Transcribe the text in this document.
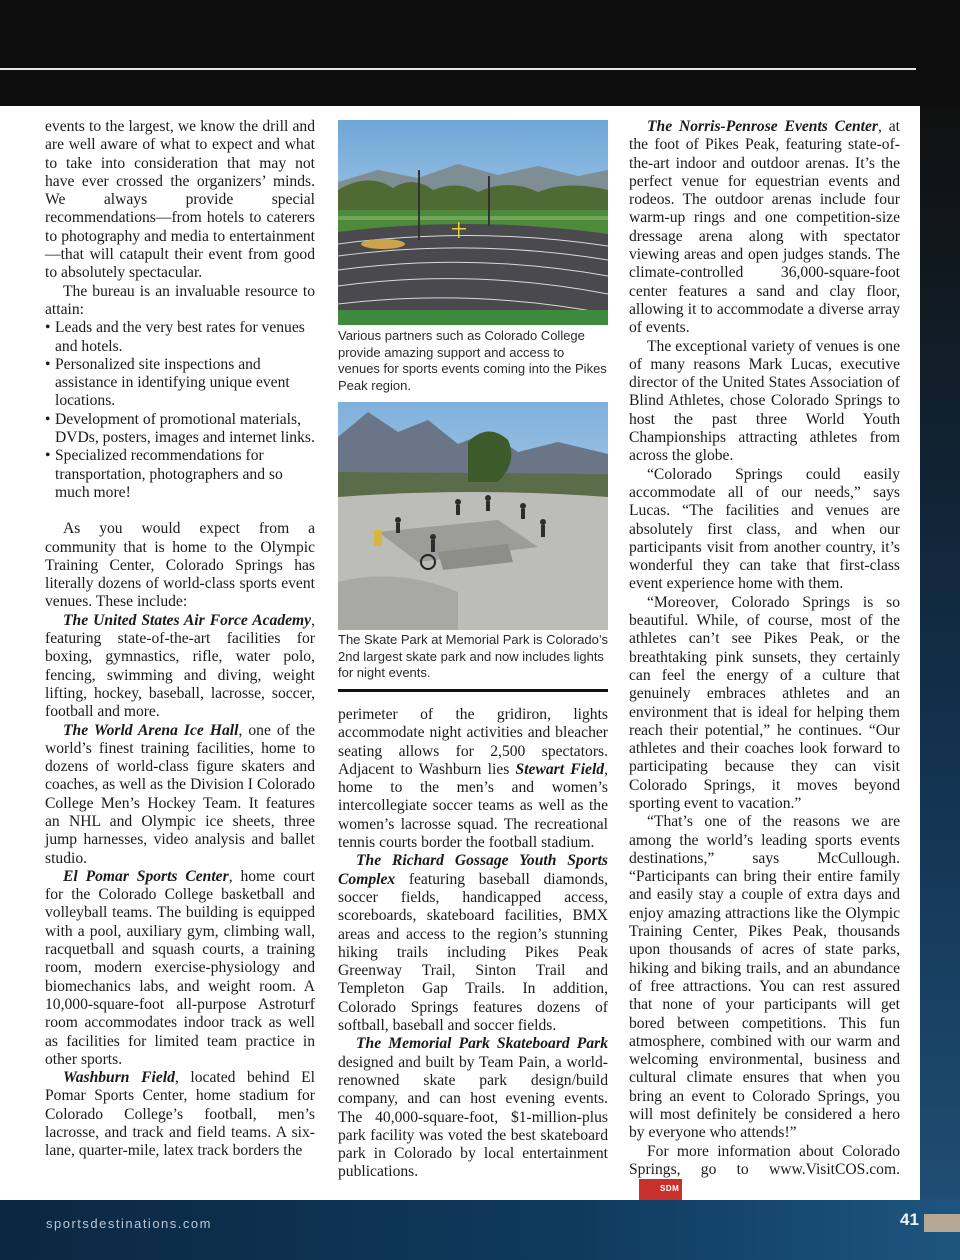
events to the largest, we know the drill and are well aware of what to expect and what to take into consideration that may not have ever crossed the organizers’ minds. We always provide special recommendations—from hotels to caterers to photography and media to entertainment—that will catapult their event from good to absolutely spectacular.

The bureau is an invaluable resource to attain:

• Leads and the very best rates for venues and hotels.
• Personalized site inspections and assistance in identifying unique event locations.
• Development of promotional materials, DVDs, posters, images and internet links.
• Specialized recommendations for transportation, photographers and so much more!

As you would expect from a community that is home to the Olympic Training Center, Colorado Springs has literally dozens of world-class sports event venues. These include:

The United States Air Force Academy, featuring state-of-the-art facilities for boxing, gymnastics, rifle, water polo, fencing, swimming and diving, weight lifting, hockey, baseball, lacrosse, soccer, football and more.

The World Arena Ice Hall, one of the world’s finest training facilities, home to dozens of world-class figure skaters and coaches, as well as the Division I Colorado College Men’s Hockey Team. It features an NHL and Olympic ice sheets, three jump harnesses, video analysis and ballet studio.

El Pomar Sports Center, home court for the Colorado College basketball and volleyball teams. The building is equipped with a pool, auxiliary gym, climbing wall, racquetball and squash courts, a training room, modern exercise-physiology and biomechanics labs, and weight room. A 10,000-square-foot all-purpose Astroturf room accommodates indoor track as well as facilities for limited team practice in other sports.

Washburn Field, located behind El Pomar Sports Center, home stadium for Colorado College’s football, men’s lacrosse, and track and field teams. A six-lane, quarter-mile, latex track borders the

Various partners such as Colorado College provide amazing support and access to venues for sports events coming into the Pikes Peak region.
The Skate Park at Memorial Park is Colorado’s 2nd largest skate park and now includes lights for night events.

perimeter of the gridiron, lights accommodate night activities and bleacher seating allows for 2,500 spectators. Adjacent to Washburn lies Stewart Field, home to the men’s and women’s intercollegiate soccer teams as well as the women’s lacrosse squad. The recreational tennis courts border the football stadium.

The Richard Gossage Youth Sports Complex featuring baseball diamonds, soccer fields, handicapped access, scoreboards, skateboard facilities, BMX areas and access to the region’s stunning hiking trails including Pikes Peak Greenway Trail, Sinton Trail and Templeton Gap Trails. In addition, Colorado Springs features dozens of softball, baseball and soccer fields.

The Memorial Park Skateboard Park designed and built by Team Pain, a world-renowned skate park design/build company, and can host evening events. The 40,000-square-foot, $1-million-plus park facility was voted the best skateboard park in Colorado by local entertainment publications.

The Norris-Penrose Events Center, at the foot of Pikes Peak, featuring state-of-the-art indoor and outdoor arenas. It’s the perfect venue for equestrian events and rodeos. The outdoor arenas include four warm-up rings and one competition-size dressage arena along with spectator viewing areas and open judges stands. The climate-controlled 36,000-square-foot center features a sand and clay floor, allowing it to accommodate a diverse array of events.

The exceptional variety of venues is one of many reasons Mark Lucas, executive director of the United States Association of Blind Athletes, chose Colorado Springs to host the past three World Youth Championships attracting athletes from across the globe.

“Colorado Springs could easily accommodate all of our needs,” says Lucas. “The facilities and venues are absolutely first class, and when our participants visit from another country, it’s wonderful they can take that first-class event experience home with them.

“Moreover, Colorado Springs is so beautiful. While, of course, most of the athletes can’t see Pikes Peak, or the breathtaking pink sunsets, they certainly can feel the energy of a culture that genuinely embraces athletes and an environment that is ideal for helping them reach their potential,” he continues. “Our athletes and their coaches look forward to participating because they can visit Colorado Springs, it moves beyond sporting event to vacation.”

“That’s one of the reasons we are among the world’s leading sports events destinations,” says McCullough. “Participants can bring their entire family and easily stay a couple of extra days and enjoy amazing attractions like the Olympic Training Center, Pikes Peak, thousands upon thousands of acres of state parks, hiking and biking trails, and an abundance of free attractions. You can rest assured that none of your participants will get bored between competitions. This fun atmosphere, combined with our warm and welcoming environmental, business and cultural climate ensures that when you bring an event to Colorado Springs, you will most definitely be considered a hero by everyone who attends!”

For more information about Colorado Springs, go to www.VisitCOS.com.SDM

sportsdestinations.com	41
